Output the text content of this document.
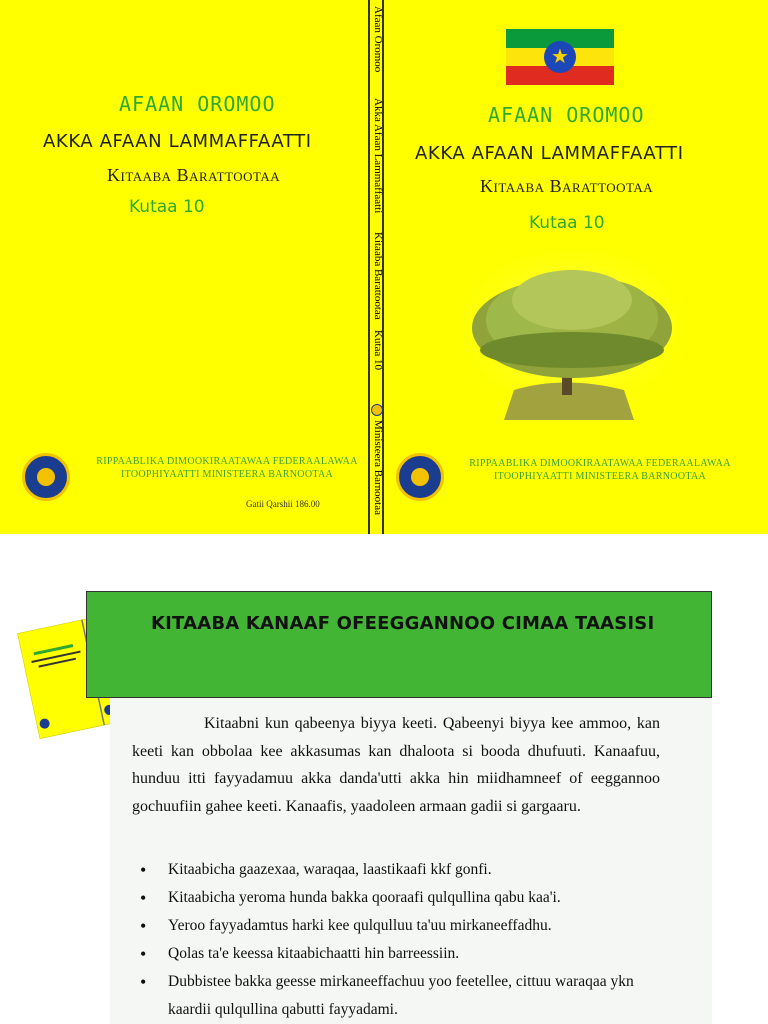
AFAAN OROMOO
AKKA AFAAN LAMMAFFAATTI
Kitaaba Barattootaa
Kutaa 10
RIPPAABLIKA DIMOOKIRAATAWAA FEDERAALAWAA
ITOOPHIYAATTI MINISTEERA BARNOOTAA
Gatii Qarshii 186.00
Afaan Oromoo
Akka Afaan Lammaffaatti
Kitaaba Barattootaa
Kutaa 10
Ministeera Barnootaa
★
AFAAN OROMOO
AKKA AFAAN LAMMAFFAATTI
Kitaaba Barattootaa
Kutaa 10
RIPPAABLIKA DIMOOKIRAATAWAA FEDERAALAWAA
ITOOPHIYAATTI MINISTEERA BARNOOTAA
KITAABA KANAAF OFEEGGANNOO CIMAA TAASISI
Kitaabni kun qabeenya biyya keeti. Qabeenyi biyya kee ammoo, kan keeti kan obbolaa kee akkasumas kan dhaloota si booda dhufuuti. Kanaafuu, hunduu itti fayyadamuu akka danda'utti akka hin miidhamneef of eeggannoo gochuufiin gahee keeti. Kanaafis, yaadoleen armaan gadii si gargaaru.
• Kitaabicha gaazexaa, waraqaa, laastikaafi kkf gonfi.
• Kitaabicha yeroma hunda bakka qooraafi qulqullina qabu kaa'i.
• Yeroo fayyadamtus harki kee qulqulluu ta'uu mirkaneeffadhu.
• Qolas ta'e keessa kitaabichaatti hin barreessiin.
• Dubbistee bakka geesse mirkaneeffachuu yoo feetellee, cittuu waraqaa ykn kaardii qulqullina qabutti fayyadami.
